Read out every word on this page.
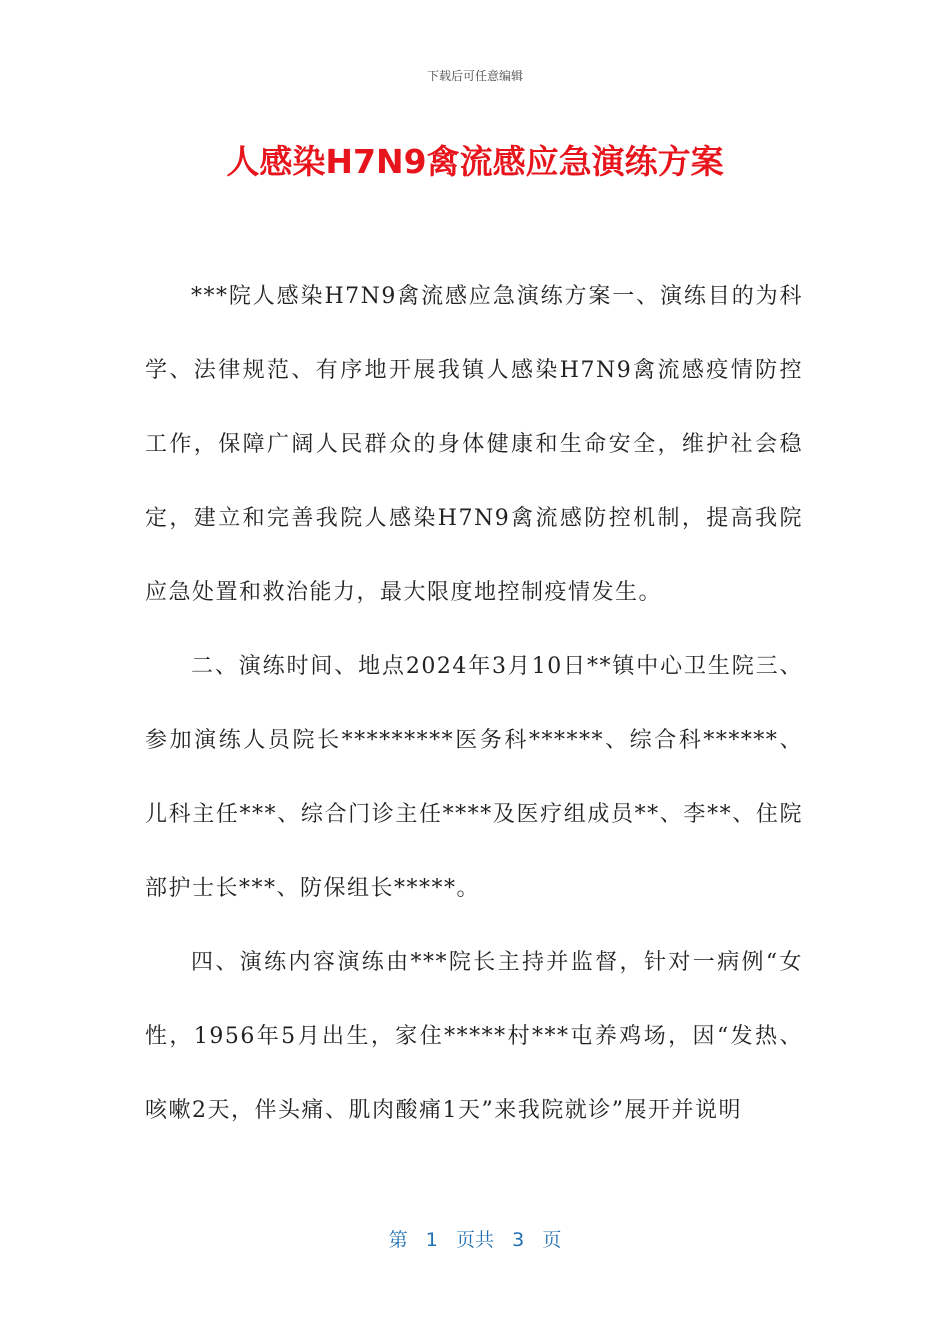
下载后可任意编辑
人感染H7N9禽流感应急演练方案

***院人感染H7N9禽流感应急演练方案一、演练目的为科学、法律规范、有序地开展我镇人感染H7N9禽流感疫情防控工作，保障广阔人民群众的身体健康和生命安全，维护社会稳定，建立和完善我院人感染H7N9禽流感防控机制，提高我院应急处置和救治能力，最大限度地控制疫情发生。

二、演练时间、地点2024年3月10日**镇中心卫生院三、参加演练人员院长*********医务科******、综合科******、儿科主任***、综合门诊主任****及医疗组成员**、李**、住院部护士长***、防保组长*****。

四、演练内容演练由***院长主持并监督，针对一病例“女性，1956年5月出生，家住*****村***屯养鸡场，因“发热、咳嗽2天，伴头痛、肌肉酸痛1天”来我院就诊”展开并说明

第 1 页共 3 页
